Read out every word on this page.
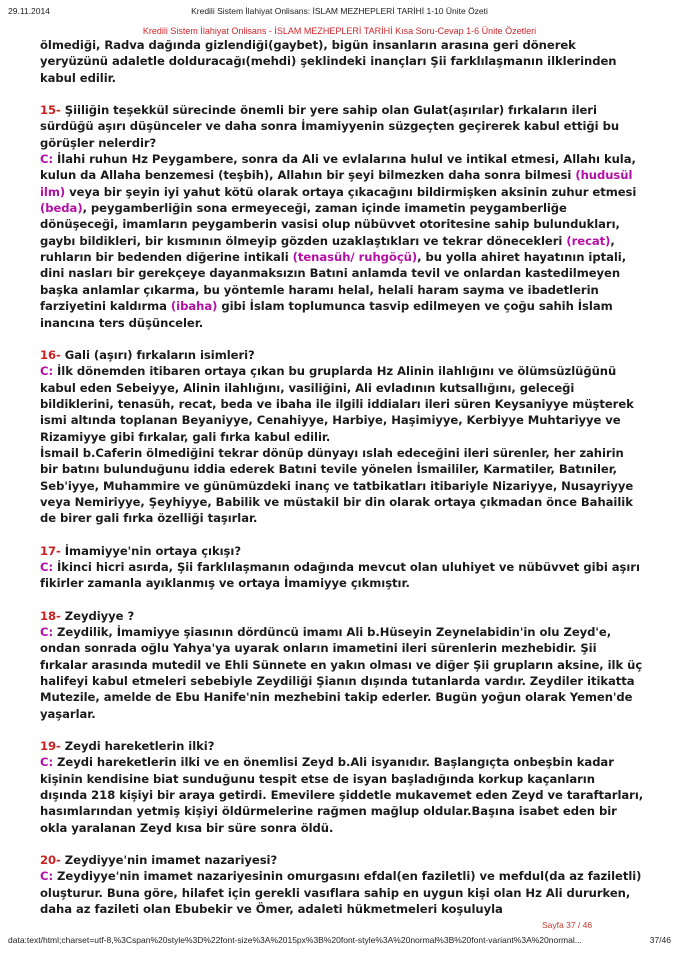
29.11.2014	Kredili Sistem İlahiyat Onlisans: İSLAM MEZHEPLERİ TARİHİ 1-10 Ünite Özeti
Kredili Sistem İlahiyat Onlisans - İSLAM MEZHEPLERİ TARİHİ Kısa Soru-Cevap 1-6 Ünite Özetleri

ölmediği, Radva dağında gizlendiği(gaybet), bigün insanların arasına geri dönerek yeryüzünü adaletle dolduracağı(mehdi) şeklindeki inançları Şii farklılaşmanın ilklerinden kabul edilir.

15- Şiiliğin teşekkül sürecinde önemli bir yere sahip olan Gulat(aşırılar) fırkaların ileri sürdüğü aşırı düşünceler ve daha sonra İmamiyyenin süzgeçten geçirerek kabul ettiği bu görüşler nelerdir?

C: İlahi ruhun Hz Peygambere, sonra da Ali ve evlalarına hulul ve intikal etmesi, Allahı kula, kulun da Allaha benzemesi (teşbih), Allahın bir şeyi bilmezken daha sonra bilmesi (hudusül ilm) veya bir şeyin iyi yahut kötü olarak ortaya çıkacağını bildirmişken aksinin zuhur etmesi (beda), peygamberliğin sona ermeyeceği, zaman içinde imametin peygamberliğe dönüşeceği, imamların peygamberin vasisi olup nübüvvet otoritesine sahip bulundukları, gaybı bildikleri, bir kısmının ölmeyip gözden uzaklaştıkları ve tekrar dönecekleri (recat), ruhların bir bedenden diğerine intikali (tenasüh/ ruhgöçü), bu yolla ahiret hayatının iptali, dini nasları bir gerekçeye dayanmaksızın Batıni anlamda tevil ve onlardan kastedilmeyen başka anlamlar çıkarma, bu yöntemle haramı helal, helali haram sayma ve ibadetlerin farziyetini kaldırma (ibaha) gibi İslam toplumunca tasvip edilmeyen ve çoğu sahih İslam inancına ters düşünceler.

16- Gali (aşırı) fırkaların isimleri?

C: İlk dönemden itibaren ortaya çıkan bu gruplarda Hz Alinin ilahlığını ve ölümsüzlüğünü kabul eden Sebeiyye, Alinin ilahlığını, vasiliğini, Ali evladının kutsallığını, geleceği bildiklerini, tenasüh, recat, beda ve ibaha ile ilgili iddiaları ileri süren Keysaniyye müşterek ismi altında toplanan Beyaniyye, Cenahiyye, Harbiye, Haşimiyye, Kerbiyye Muhtariyye ve Rizamiyye gibi fırkalar, gali fırka kabul edilir.

İsmail b.Caferin ölmediğini tekrar dönüp dünyayı ıslah edeceğini ileri sürenler, her zahirin bir batını bulunduğunu iddia ederek Batıni tevile yönelen İsmaililer, Karmatiler, Batıniler, Seb'iyye, Muhammire ve günümüzdeki inanç ve tatbikatları itibariyle Nizariyye, Nusayriyye veya Nemiriyye, Şeyhiyye, Babilik ve müstakil bir din olarak ortaya çıkmadan önce Bahailik de birer gali fırka özelliği taşırlar.

17- İmamiyye'nin ortaya çıkışı?

C: İkinci hicri asırda, Şii farklılaşmanın odağında mevcut olan uluhiyet ve nübüvvet gibi aşırı fikirler zamanla ayıklanmış ve ortaya İmamiyye çıkmıştır.

18- Zeydiyye ?

C: Zeydilik, İmamiyye şiasının dördüncü imamı Ali b.Hüseyin Zeynelabidin'in olu Zeyd'e, ondan sonrada oğlu Yahya'ya uyarak onların imametini ileri sürenlerin mezhebidir. Şii fırkalar arasında mutedil ve Ehli Sünnete en yakın olması ve diğer Şii grupların aksine, ilk üç halifeyi kabul etmeleri sebebiyle Zeydiliği Şianın dışında tutanlarda vardır. Zeydiler itikatta Mutezile, amelde de Ebu Hanife'nin mezhebini takip ederler. Bugün yoğun olarak Yemen'de yaşarlar.

19- Zeydi hareketlerin ilki?

C: Zeydi hareketlerin ilki ve en önemlisi Zeyd b.Ali isyanıdır. Başlangıçta onbeşbin kadar kişinin kendisine biat sunduğunu tespit etse de isyan başladığında korkup kaçanların dışında 218 kişiyi bir araya getirdi. Emevilere şiddetle mukavemet eden Zeyd ve taraftarları, hasımlarından yetmiş kişiyi öldürmelerine rağmen mağlup oldular.Başına isabet eden bir okla yaralanan Zeyd kısa bir süre sonra öldü.

20- Zeydiyye'nin imamet nazariyesi?

C: Zeydiyye'nin imamet nazariyesinin omurgasını efdal(en faziletli) ve mefdul(da az faziletli) oluşturur. Buna göre, hilafet için gerekli vasıflara sahip en uygun kişi olan Hz Ali dururken, daha az fazileti olan Ebubekir ve Ömer, adaleti hükmetmeleri koşuluyla

Sayfa 37 / 46
data:text/html;charset=utf-8,%3Cspan%20style%3D%22font-size%3A%2015px%3B%20font-style%3A%20normal%3B%20font-variant%3A%20normal...	37/46
